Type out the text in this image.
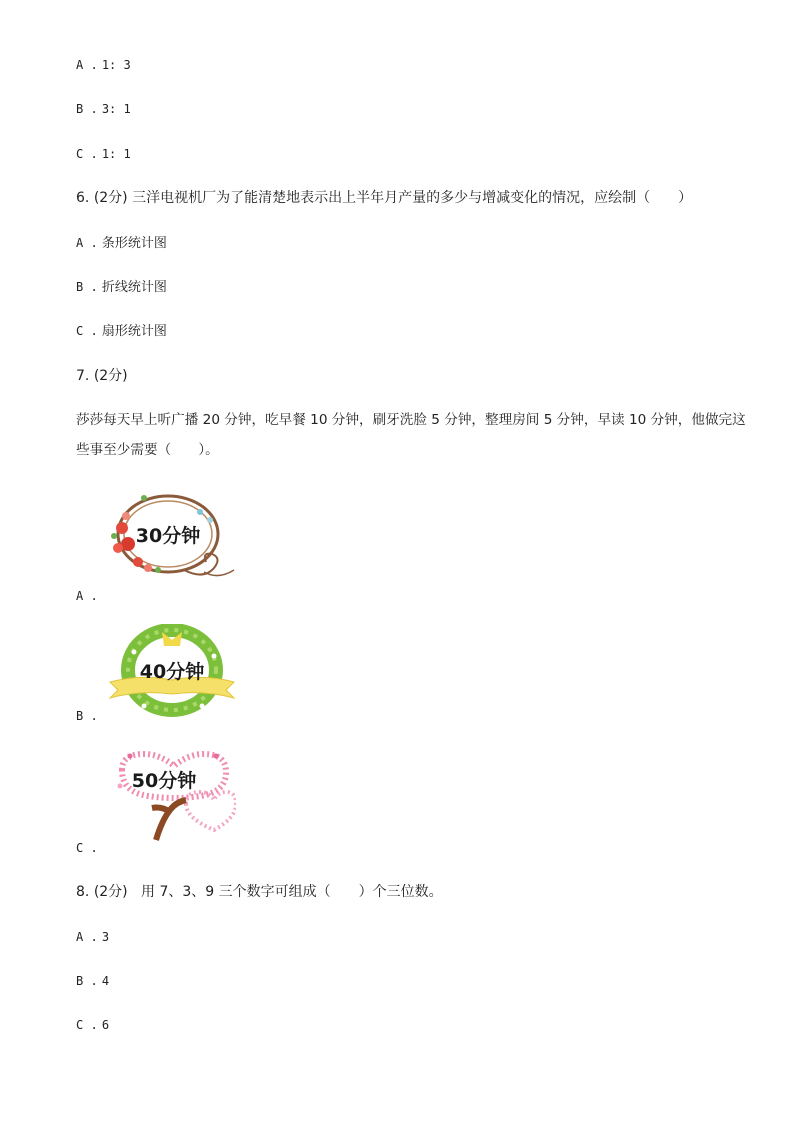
A . 1: 3
B . 3: 1
C . 1: 1
6. (2分) 三洋电视机厂为了能清楚地表示出上半年月产量的多少与增减变化的情况，应绘制（　　）
A . 条形统计图
B . 折线统计图
C . 扇形统计图
7. (2分)
莎莎每天早上听广播 20 分钟，吃早餐 10 分钟，刷牙洗脸 5 分钟，整理房间 5 分钟，早读 10 分钟，他做完这
些事至少需要（　　）。
30分钟
A .
40分钟
B .
50分钟
C .
8. (2分) 用 7、3、9 三个数字可组成（　　）个三位数。
A . 3
B . 4
C . 6
